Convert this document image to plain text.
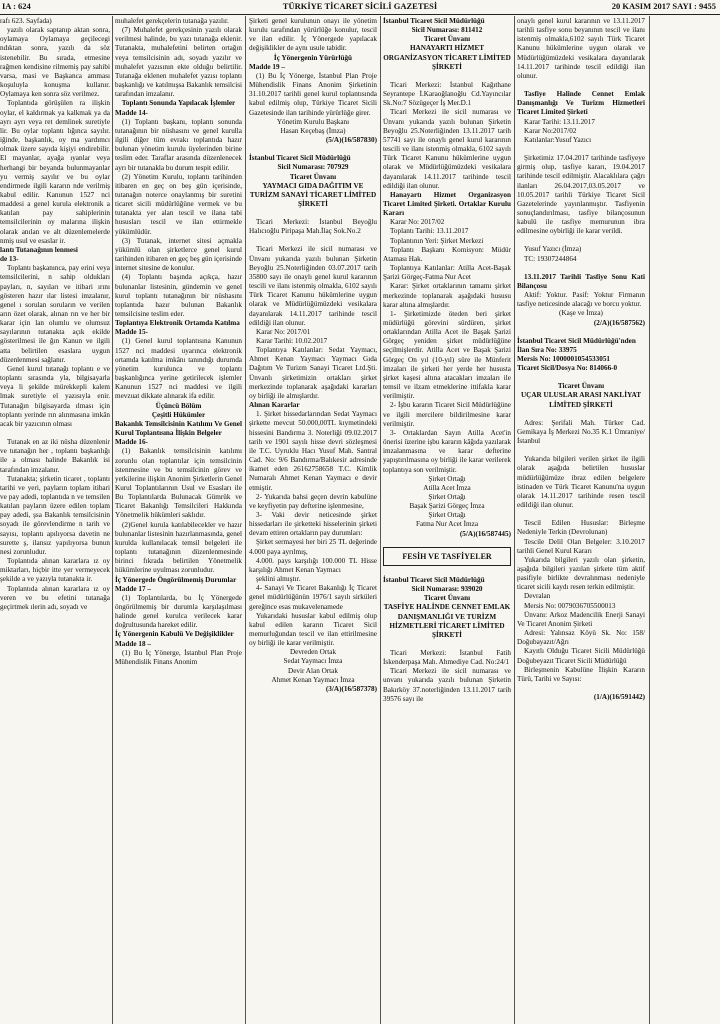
IA : 624	TÜRKİYE TİCARET SİCİLİ GAZETESİ	20 KASIM 2017 SAYI : 9455

rafı 623. Sayfada)

yazılı olarak saptanıp aktan sonra, oylamaya Oylamaya geçilecegi ndıktan sonra, yazılı da söz istenebilir. Bu sırada, etmesine rağmen kendisine rilmemiş pay sahibi varsa, masi ve Başkanca amması koşuluyla konuşma kullanır. Oylamaya ken sonra söz verilmez.

Toplantıda görüşülen ra ilişkin oylar, el kaldırmak ya kalkmak ya da ayrı ayrı veya ret demlinek suretiyle lir. Bu oylar toplantı lığınca sayılır. iğinde, başkanlık, oy ma yardımcı olmak üzere sayıda kişiyi endirebilir. El mayanlar, ayağa ıyanlar veya herhangi bir beyanda bulunmayanlar yu vermiş sayılır ve bu oylar endirmede ilgili kararın nde verilmiş kabul edilir. Kanunun 1527 nci maddesi a genel kurula elektronik a katılan pay sahiplerinin temsilcilerinin oy malarına ilişkin olarak anılan ve alt düzenlemelerde nmiş usul ve esaslar ir.

lantı Tutanağının lenmesi

de 13-

Toplantı başkanınca, pay erini veya temsilcilerini, n sahip oldukları payları, n, sayıları ve itibari ırını gösteren hazır ılar listesi imzalanır, genel ı sorulan soruların ve verilen arın özet olarak, alınan rın ve her bir karar için lan olumlu ve olumsuz sayılarının tutanakta açık ekilde gösterilmesi ile ğın Kanun ve ilgili atta belirtilen esaslara uygun düzenlenmesi sağlanır.

Genel kurul tutanağı toplantı e ve toplantı sırasında yla, bilgisayarla veya li şekilde mürekkepli kalem lmak suretiyle el yazısıyla enir. Tutanağın bilgisayarda ılması için toplantı yerinde rın alınmasına imkân acak bir yazıcının olması

Tutanak en az iki nüsha düzenlenir ve tutanağın her , toplantı başkanlığı ile a olması halinde Bakanlık isi tarafından imzalanır.

Tutanakta; şirketin ticaret , toplantı tarihi ve yeri, payların toplam itibari ve pay adedi, toplantıda n ve temsilen katılan payların üzere edilen toplam pay adedi, şsa Bakanlık temsilcisinin soyadı ile görevlendirme n tarih ve sayısı, toplantı apılıyorsa davetin ne surette ş, ilansız yapılıyorsa bunun nesi zorunludur.

Toplantıda alınan kararlara ız oy miktarları, hiçbir itte yer vermeyecek şekilde a ve yazıyla tutanakta ir.

Toplantıda alınan kararlara ız oy veren ve bu efetini tutanağa geçirtmek ılerin adı, soyadı ve

muhalefet gerekçelerin tutanağa yazılır.

(7) Muhalefet gerekçesinin yazılı olarak verilmesi halinde, bu yazı tutanağa eklenir. Tutanakta, muhalefetini belirten ortağın veya temsilcisinin adı, soyadı yazılır ve muhalefet yazısının ekte olduğu belirtilir. Tutanağa eklenen muhalefet yazısı toplantı başkanlığı ve katılmışsa Bakanlık temsilcisi tarafından imzalanır.

Toplantı Sonunda Yapılacak İşlemler

Madde 14-

(1) Toplantı başkanı, toplantı sonunda tutanağının bir nüshasını ve genel kurulla ilgili diğer tüm evrakı toplantıda hazır bulunan yönetim kurulu üyelerinden birine teslim eder. Taraflar arasında düzenlenecek ayrı bir tutanakla bu durum tespit edilir.

(2) Yönetim Kurulu, toplantı tarihinden itibaren en geç on beş gün içerisinde, tutanağın noterce onaylanmış bir suretini ticaret sicili müdürlüğüne vermek ve bu tutanakta yer alan tescil ve ilana tabi hususları tescil ve ilan ettirmekle yükümlüdür.

(3) Tutanak, internet sitesi açmakla yükümlü olan şirketlerce genel kurul tarihinden itibaren en geç beş gün içerisinde internet sitesine de konulur.

(4) Toplantı başında açıkça, hazır bulunanlar listesinin, gündemin ve genel kurul toplantı tutanağının bir nüshasını toplantıda hazır bulunan Bakanlık temsilcisine teslim eder.

Toplantıya Elektronik Ortamda Katılma

Madde 15-

(1) Genel kurul toplantısına Kanunun 1527 nci maddesi uyarınca elektronik ortamda katılma imkânı tanındığı durumda yönetim kurulunca ve toplantı başkanlığınca yerine getirilecek işlemler Kanunun 1527 nci maddesi ve ilgili mevzuat dikkate alınarak ifa edilir.

Üçüncü Bölüm

Çeşitli Hükümler

Bakanlık Temsilcisinin Katılımı Ve Genel Kurul Toplantısına İlişkin Belgeler

Madde 16-

(1) Bakanlık temsilcisinin katılımı zorunlu olan toplantılar için temsilcinin istenmesine ve bu temsilcinin görev ve yetkilerine ilişkin Anonim Şirketlerin Genel Kurul Toplantılarının Usul ve Esasları ile Bu Toplantılarda Bulunacak Gümrük ve Ticaret Bakanlığı Temsilcileri Hakkında Yönetmelik hükümleri saklıdır.

(2)Genel kurula katılabilecekler ve hazır bulunanlar listesinin hazırlanmasında, genel kurulda kullanılacak temsil belgeleri ile toplantı tutanağının düzenlenmesinde birinci fıkrada belirtilen Yönetmelik hükümlerine uyulması zorunludur.

İç Yönergede Öngörülmemiş Durumlar

Madde 17 –

(1) Toplantılarda, bu İç Yönergede öngörülmemiş bir durumla karşılaşılması halinde genel kurulca verilecek karar doğrultusunda hareket edilir.

İç Yönergenin Kabulü Ve Değişiklikler

Madde 18 –

(1) Bu İç Yönerge, İstanbul Plan Proje Mühendislik Finans Anonim

Şirketi genel kurulunun onayı ile yönetim kurulu tarafından yürürlüğe konulur, tescil ve ilan edilir. İç Yönergede yapılacak değişiklikler de aynı usule tabidir.

İç Yönergenin Yürürlüğü

Madde 19 –

(1) Bu İç Yönerge, İstanbul Plan Proje Mühendislik Finans Anonim Şirketinin 31.10.2017 tarihli genel kurul toplantısında kabul edilmiş olup, Türkiye Ticaret Sicili Gazetesinde ilan tarihinde yürürlüğe girer.

Yönetim Kurulu Başkanı

Hasan Keçebaş (İmza)

(5/A)(16/587830)

İstanbul Ticaret Sicil Müdürlüğü

Sicil Numarası: 707929

Ticaret Ünvanı

YAYMACI GIDA DAĞITIM VE TURİZM SANAYİ TİCARET LİMİTED ŞİRKETİ

Ticari Merkezi: İstanbul Beyoğlu Halıcıoğlu Piripaşa Mah.İlaç Sok.No.2

Ticari Merkezi ile sicil numarası ve Ünvanı yukarıda yazılı bulunan Şirketin Beyoğlu 25.Noterliğinden 03.07.2017 tarih 35800 sayı ile onaylı genel kurul kararının tescili ve ilanı istenmiş olmakla, 6102 sayılı Türk Ticaret Kanunu hükümlerine uygun olarak ve Müdürlüğümüzdeki vesikalara dayanılarak 14.11.2017 tarihinde tescil edildiği ilan olunur.

Karar No: 2017/01

Karar Tarihi: 10.02.2017

Toplantıya Katılanlar: Sedat Yaymacı, Ahmet Kenan Yaymacı Yaymacı Gıda Dağıtım Ve Turizm Sanayi Ticaret Ltd.Şti. Ünvanlı şirketimizin ortakları şirket merkezinde toplanarak aşağıdaki kararları oy birliği ile almışlardır.

Alınan Kararlar

1. Şirket hissedarlarından Sedat Yaymacı şirkette mevcut 50.000,00TL kıymetindeki hissesini Bandırma 3. Noterliği 09.02.2017 tarih ve 1901 sayılı hisse devri sözleşmesi ile T.C. Uyruklu Hacı Yusuf Mah. Santral Cad. No: 9/6 Bandırma/Balıkesir adresinde ikamet eden 26162758658 T.C. Kimlik Numaralı Ahmet Kenan Yaymacı e devir etmiştir.

2- Yukarıda bahsi geçen devrin kabulüne ve keyfiyetin pay defterine işlenmesine,

3- Vaki devir neticesinde şirket hissedarları ile şirketteki hisselerinin şirketi devam ettiren ortakların pay durumları:

Şirket sermayesi her biri 25 TL değerinde 4.000 paya ayrılmış,

4.000. pays karşılığı 100.000 TL Hisse karşılığı Ahmet Kenan Yaymacı

şeklini almıştır.

4- Sanayi Ve Ticaret Bakanlığı İç Ticaret genel müdürlüğünün 1976/1 sayılı sirküleri gereğince esas mukavelenamede

Yukarıdaki hususlar kabul edilmiş olup kabul edilen kararın Ticaret Sicil memurluğundan tescil ve ilan ettirilmesine oy birliği ile karar verilmiştir.

Devreden Ortak

Sedat Yaymacı İmza

Devir Alan Ortak

Ahmet Kenan Yaymacı İmza

(3/A)(16/587378)

İstanbul Ticaret Sicil Müdürlüğü

Sicil Numarası: 811412

Ticaret Ünvanı

HANAYARTI HİZMET ORGANİZASYON TİCARET LİMİTED ŞİRKETİ

Ticari Merkezi: İstanbul Kağıthane Seyrantepe İ.Karaoğlanoğlu Cd.Yayıncılar Sk.No:7 Sözügeçer İş Mer.D.1

Ticari Merkezi ile sicil numarası ve Ünvanı yukarıda yazılı bulunan Şirketin Beyoğlu 25.Noterliğinden 13.11.2017 tarih 57741 sayı ile onaylı genel kurul kararının tescili ve ilanı istenmiş olmakla, 6102 sayılı Türk Ticaret Kanunu hükümlerine uygun olarak ve Müdürlüğümüzdeki vesikalara dayanılarak 14.11.2017 tarihinde tescil edildiği ilan olunur.

Hanayartı Hizmet Organizasyon Ticaret Limited Şirketi. Ortaklar Kurulu Kararı

Karar No: 2017/02

Toplantı Tarihi: 13.11.2017

Toplantının Yeri: Şirket Merkezi

Toplantı Başkanı Komisyon: Müdür Ataması Hak.

Toplantıya Katılanlar: Atilla Acet-Başak Şarizi Görgeç-Fatma Nur Acet

Karar: Şirket ortaklarının tamamı şirket merkezinde toplanarak aşağıdaki hususu karar altına almışlardır.

1- Şirketimizde öteden beri şirket müdürlüğü görevini sürdüren, şirket ortaklarından Atilla Acet ile Başak Şarizi Görgeç yeniden şirket müdürlüğüne seçilmişlerdir. Atilla Acet ve Başak Şarizi Görgeç On yıl (10-yıl) süre ile Münferit imzaları ile şirketi her yerde her hususta şirket kaşesi altına atacakları imzaları ile temsil ve ilzam etmeklerine ittifakla karar verilmiştir.

2- İşbu kararın Ticaret Sicil Müdürlüğüne ve ilgili mercilere bildirilmesine karar verilmiştir.

3- Ortaklardan Sayın Atilla Acet'in önerisi üzerine işbu kararın kâğıda yazılarak imzalanmasına ve karar defterine yapıştırılmasına oy birliği ile karar verilerek toplantıya son verilmiştir.

Şirket Ortağı

Atilla Acet İmza

Şirket Ortağı

Başak Şarizi Görgeç İmza

Şirket Ortağı

Fatma Nur Acet İmza

(5/A)(16/587445)

FESİH VE TASFİYELER

İstanbul Ticaret Sicil Müdürlüğü

Sicil Numarası: 939020

Ticaret Ünvanı

TASFİYE HALİNDE CENNET EMLAK DANIŞMANLIĞI VE TURİZM HİZMETLERİ TİCARET LİMİTED ŞİRKETİ

Ticari Merkezi: İstanbul Fatih İskenderpaşa Mah. Ahmediye Cad. No:24/1

Ticari Merkezi ile sicil numarası ve unvanı yukarıda yazılı bulunan Şirketin Bakırköy 37.noterliğinden 13.11.2017 tarih 39576 sayı ile

onaylı genel kurul kararının ve 13.11.2017 tarihli tasfiye sonu beyanının tescil ve ilanı istenmiş olmakla,6102 sayılı Türk Ticaret Kanunu hükümlerine uygun olarak ve Müdürlüğümüzdeki vesikalara dayanılarak 14.11.2017 tarihinde tescil edildiği ilan olunur.

Tasfiye Halinde Cennet Emlak Danışmanlığı Ve Turizm Hizmetleri Ticaret Limited Şirketi

Karar Tarihi: 13.11.2017

Karar No:2017/02

Katılanlar:Yusuf Yazıcı

Şirketimiz 17.04.2017 tarihinde tasfiyeye girmiş olup, tasfiye kararı, 19.04.2017 tarihinde tescil edilmiştir. Alacaklılara çağrı ilanları 26.04.2017,03.05.2017 ve 10.05.2017 tarihli Türkiye Ticaret Sicil Gazetelerinde yayınlanmıştır. Tasfiyenin sonuçlandırılması, tasfiye bilançosunun kabulü ile tasfiye memurunun ibra edilmesine oybirliği ile karar verildi.

Yusuf Yazıcı (İmza)

TC: 19307244864

13.11.2017 Tarihli Tasfiye Sonu Kati Bilançosu

Aktif: Yoktur. Pasif: Yoktur Firmanın tasfiye neticesinde alacağı ve borcu yoktur.

(Kaşe ve İmza)

(2/A)(16/587562)

İstanbul Ticaret Sicil Müdürlüğü'nden

İlan Sıra No: 33975

Mersis No: 1000001054533051

Ticaret Sicil/Dosya No: 814066-0

Ticaret Ünvanı

UÇAR ULUSLAR ARASI NAKLİYAT LİMİTED ŞİRKETİ

Adres: Şerifali Mah. Türker Cad. Gemikaya İş Merkezi No.35 K.1 Ümraniye/İstanbul

Yukarıda bilgileri verilen şirket ile ilgili olarak aşağıda belirtilen hususlar müdürlüğümüze ibraz edilen belgelere istinaden ve Türk Ticaret Kanunu'na uygun olarak 14.11.2017 tarihinde resen tescil edildiği ilan olunur.

Tescil Edilen Hususlar: Birleşme Nedeniyle Terkin (Devrolunan)

Tescile Delil Olan Belgeler: 3.10.2017 tarihli Genel Kurul Kararı

Yukarıda bilgileri yazılı olan şirketin, aşağıda bilgileri yazılan şirkete tüm aktif pasifiyle birlikte devralınması nedeniyle ticaret sicili kaydı resen terkin edilmiştir.

Devralan

Mersis No: 0079036705500013

Ünvanı: Arkoz Madencilik Enerji Sanayi Ve Ticaret Anonim Şirketi

Adresi: Yalınsaz Köyü Sk. No: 158/ Doğubayazıt/Ağrı

Kayıtlı Olduğu Ticaret Sicili Müdürlüğü Doğubeyazıt Ticaret Sicili Müdürlüğü

Birleşmenin Kabulüne İlişkin Kararın Türü, Tarihi ve Sayısı:

(1/A)(16/591442)
